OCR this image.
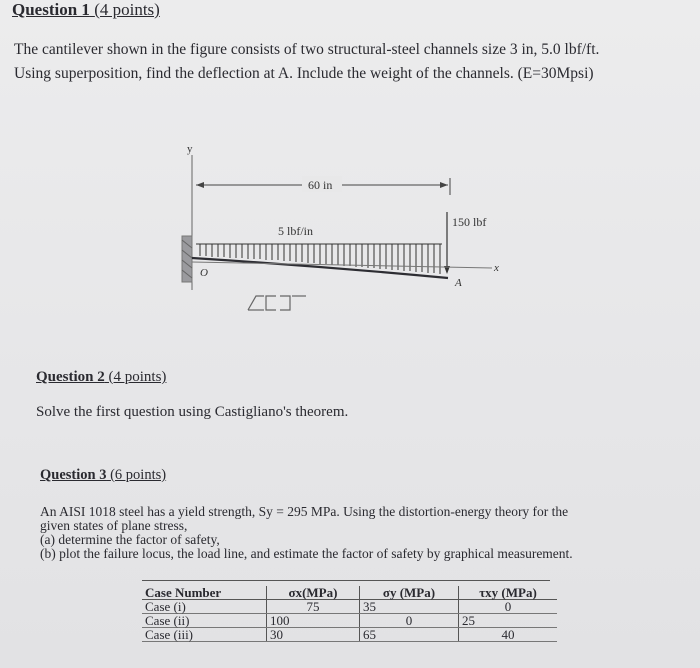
Question 1 (4 points)
The cantilever shown in the figure consists of two structural-steel channels size 3 in, 5.0 lbf/ft.
Using superposition, find the deflection at A. Include the weight of the channels. (E=30Mpsi)
y
60 in
150 lbf
5 lbf/in
x
O
A
Question 2 (4 points)
Solve the first question using Castigliano's theorem.
Question 3 (6 points)
An AISI 1018 steel has a yield strength, Sy = 295 MPa. Using the distortion-energy theory for the
given states of plane stress,
(a) determine the factor of safety,
(b) plot the failure locus, the load line, and estimate the factor of safety by graphical measurement.
Case Number	σx(MPa)	σy (MPa)	τxy (MPa)
Case (i)	75	35	0
Case (ii)	100	0	25
Case (iii)	30	65	40
